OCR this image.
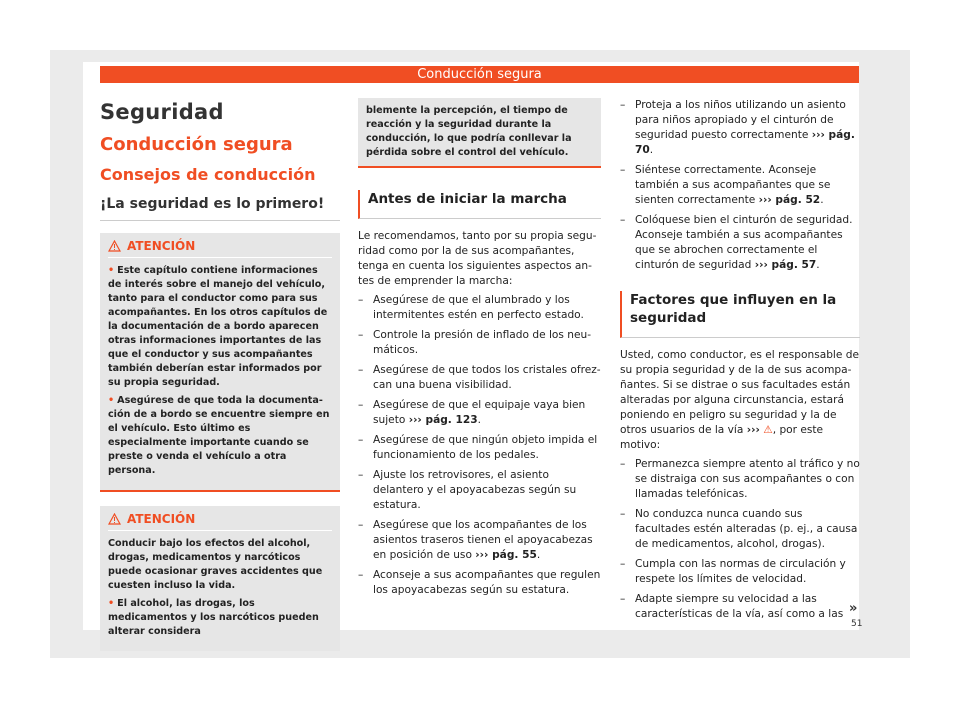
Conducción segura
Seguridad
Conducción segura
Consejos de conducción
¡La seguridad es lo primero!
ATENCIÓN

• Este capítulo contiene informaciones de interés sobre el manejo del vehículo, tanto para el conductor como para sus acompañantes. En los otros capítulos de la documentación de a bordo aparecen otras informaciones importantes de las que el conductor y sus acompañantes también deberían estar informados por su propia seguridad.

• Asegúrese de que toda la documentación de a bordo se encuentre siempre en el vehículo. Esto último es especialmente importante cuando se preste o venda el vehículo a otra persona.

ATENCIÓN

Conducir bajo los efectos del alcohol, drogas, medicamentos y narcóticos puede ocasionar graves accidentes que cuesten incluso la vida.

• El alcohol, las drogas, los medicamentos y los narcóticos pueden alterar considera

blemente la percepción, el tiempo de reacción y la seguridad durante la conducción, lo que podría conllevar la pérdida sobre el control del vehículo.
Antes de iniciar la marcha

Le recomendamos, tanto por su propia seguridad como por la de sus acompañantes, tenga en cuenta los siguientes aspectos antes de emprender la marcha:

– Asegúrese de que el alumbrado y los intermitentes estén en perfecto estado.
– Controle la presión de inflado de los neumáticos.
– Asegúrese de que todos los cristales ofrezcan una buena visibilidad.
– Asegúrese de que el equipaje vaya bien sujeto ››› pág. 123.
– Asegúrese de que ningún objeto impida el funcionamiento de los pedales.
– Ajuste los retrovisores, el asiento delantero y el apoyacabezas según su estatura.
– Asegúrese que los acompañantes de los asientos traseros tienen el apoyacabezas en posición de uso ››› pág. 55.
– Aconseje a sus acompañantes que regulen los apoyacabezas según su estatura.
– Proteja a los niños utilizando un asiento para niños apropiado y el cinturón de seguridad puesto correctamente ››› pág. 70.
– Siéntese correctamente. Aconseje también a sus acompañantes que se sienten correctamente ››› pág. 52.
– Colóquese bien el cinturón de seguridad. Aconseje también a sus acompañantes que se abrochen correctamente el cinturón de seguridad ››› pág. 57.
Factores que influyen en la seguridad

Usted, como conductor, es el responsable de su propia seguridad y de la de sus acompañantes. Si se distrae o sus facultades están alteradas por alguna circunstancia, estará poniendo en peligro su seguridad y la de otros usuarios de la vía ››› ⚠, por este motivo:

– Permanezca siempre atento al tráfico y no se distraiga con sus acompañantes o con llamadas telefónicas.
– No conduzca nunca cuando sus facultades estén alteradas (p. ej., a causa de medicamentos, alcohol, drogas).
– Cumpla con las normas de circulación y respete los límites de velocidad.
– Adapte siempre su velocidad a las características de la vía, así como a las »
51
